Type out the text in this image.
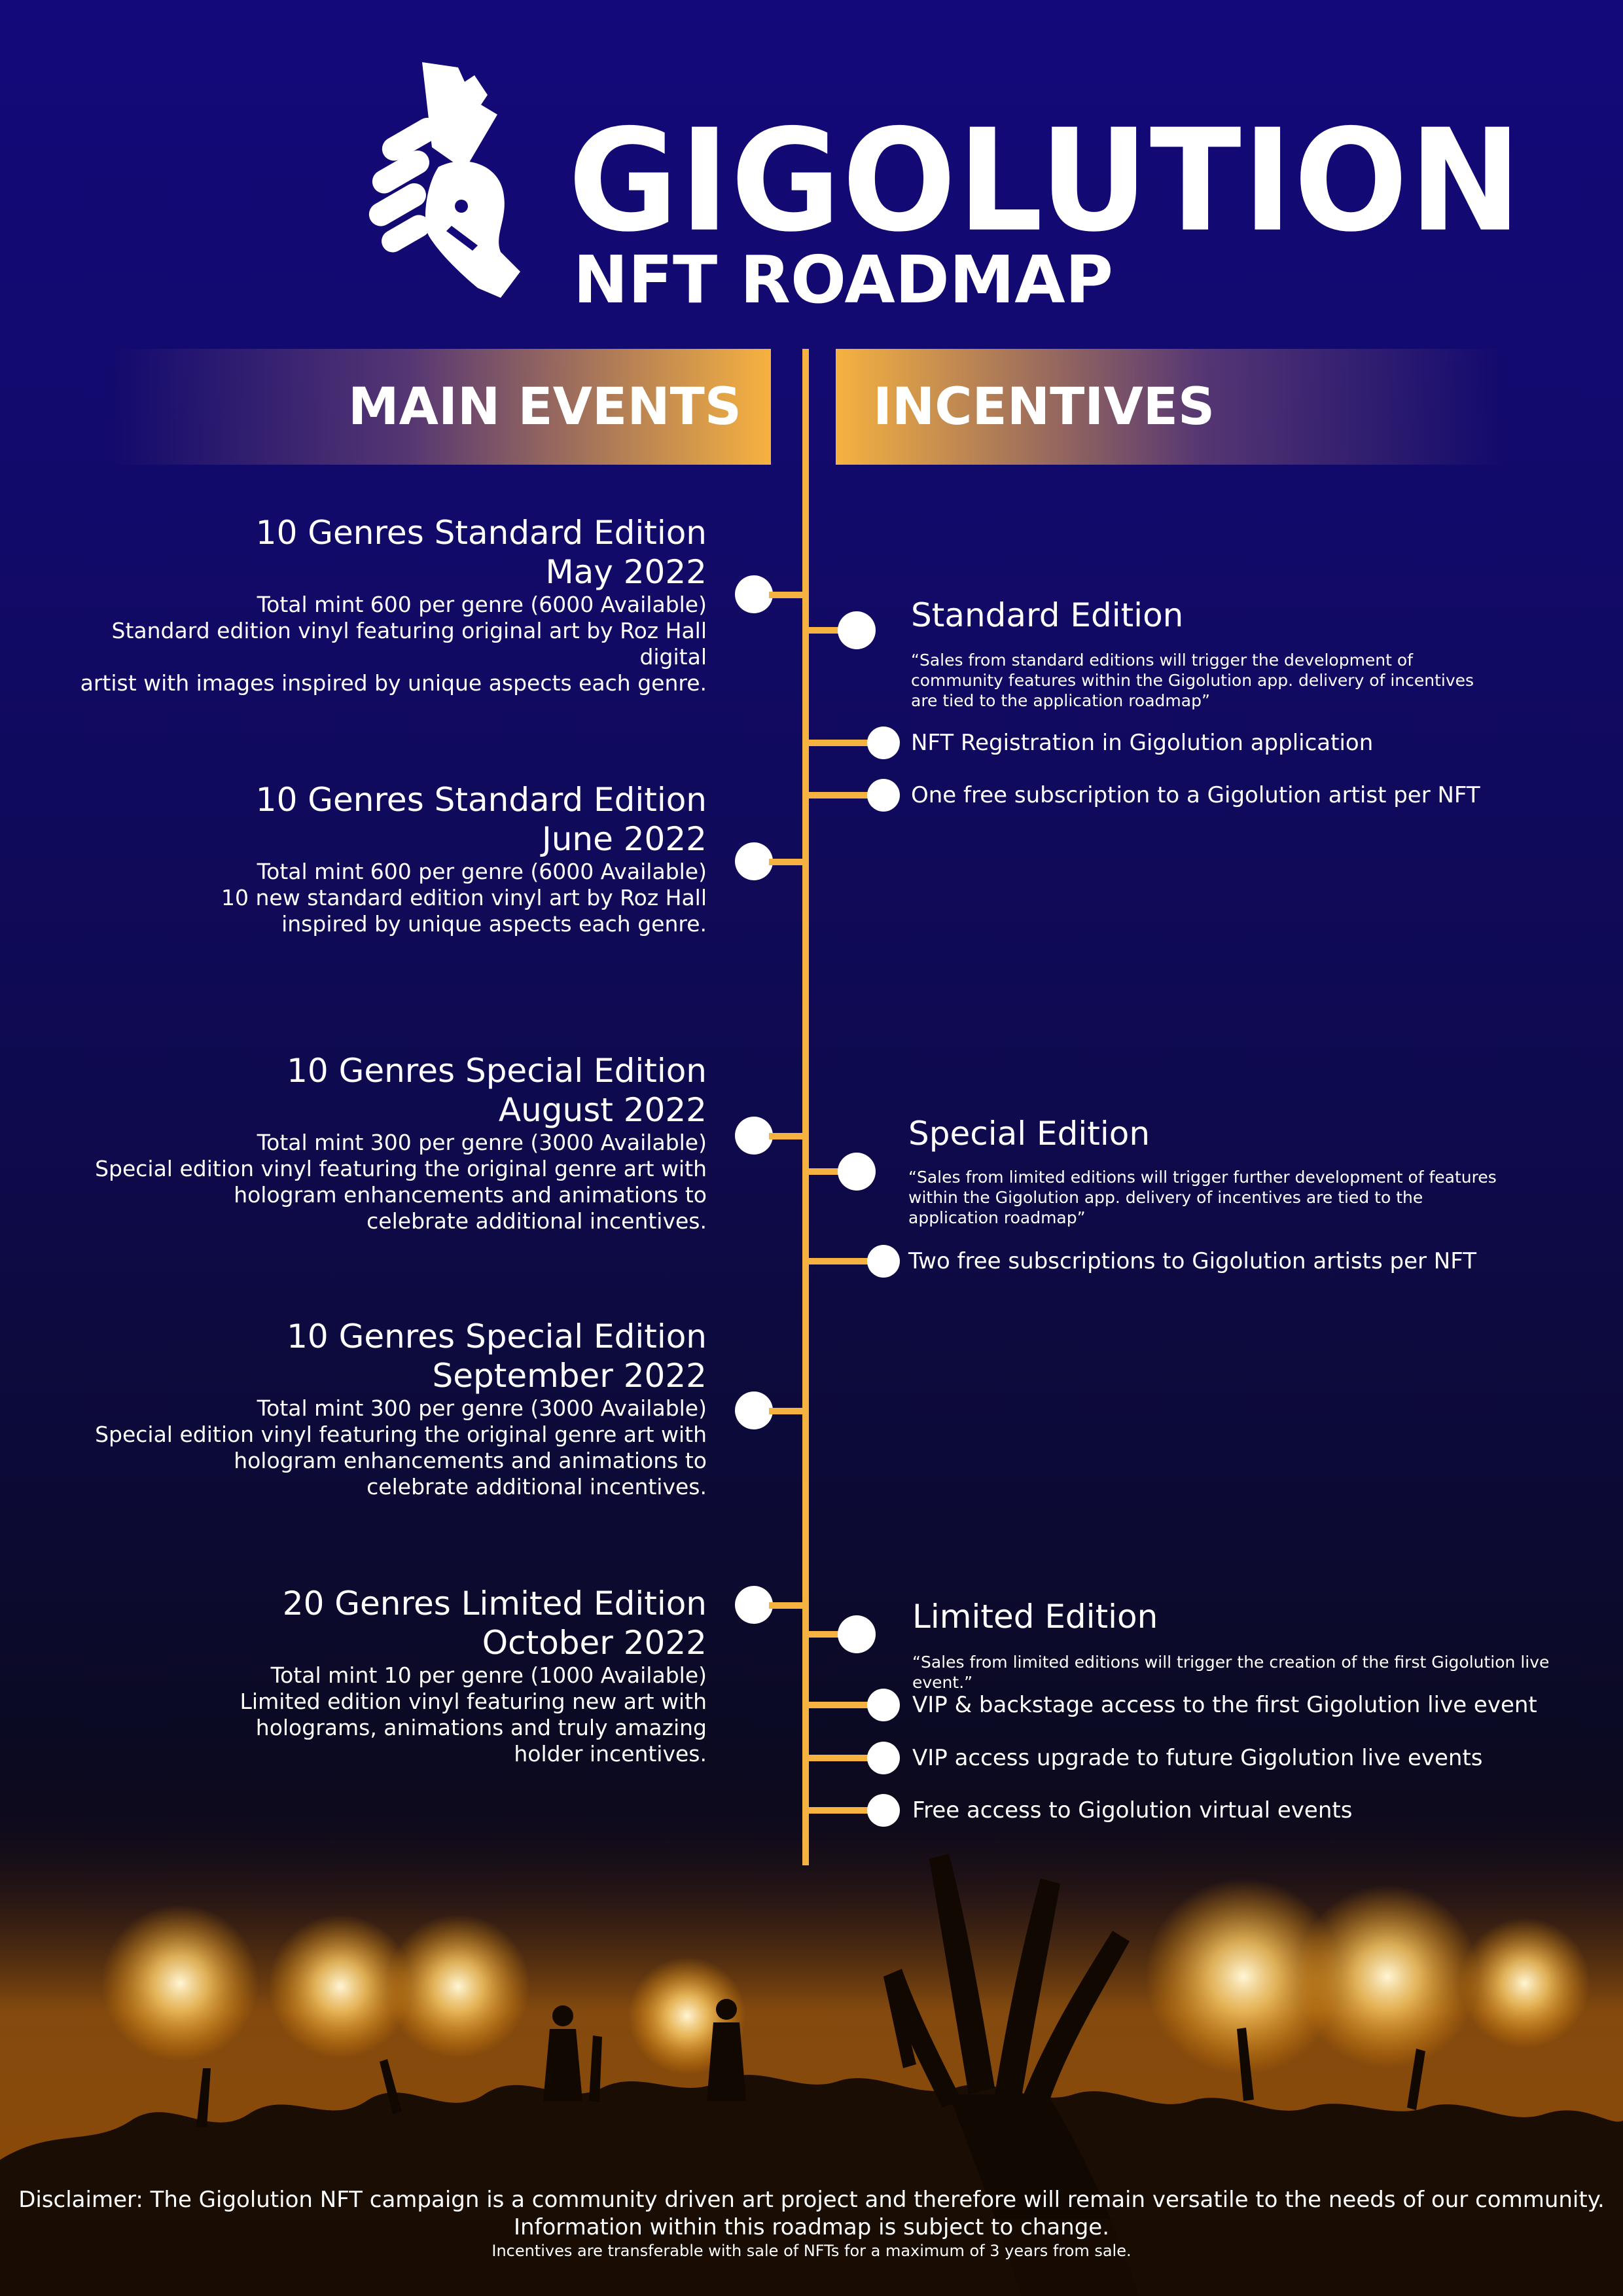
GIGOLUTION
NFT ROADMAP
MAIN EVENTS	INCENTIVES
10 Genres Standard Edition
May 2022
Total mint 600 per genre (6000 Available)
Standard edition vinyl featuring original art by Roz Hall digital
artist with images inspired by unique aspects each genre.
10 Genres Standard Edition
June 2022
Total mint 600 per genre (6000 Available)
10 new standard edition vinyl art by Roz Hall
inspired by unique aspects each genre.
10 Genres Special Edition
August 2022
Total mint 300 per genre (3000 Available)
Special edition vinyl featuring the original genre art with
hologram enhancements and animations to
celebrate additional incentives.
10 Genres Special Edition
September 2022
Total mint 300 per genre (3000 Available)
Special edition vinyl featuring the original genre art with
hologram enhancements and animations to
celebrate additional incentives.
20 Genres Limited Edition
October 2022
Total mint 10 per genre (1000 Available)
Limited edition vinyl featuring new art with
holograms, animations and truly amazing
holder incentives.
Standard Edition
“Sales from standard editions will trigger the development of community features within the Gigolution app. delivery of incentives are tied to the application roadmap”
NFT Registration in Gigolution application
One free subscription to a Gigolution artist per NFT
Special Edition
“Sales from limited editions will trigger further development of features within the Gigolution app. delivery of incentives are tied to the application roadmap”
Two free subscriptions to Gigolution artists per NFT
Limited Edition
“Sales from limited editions will trigger the creation of the first Gigolution live event.”
VIP & backstage access to the first Gigolution live event
VIP access upgrade to future Gigolution live events
Free access to Gigolution virtual events
Disclaimer: The Gigolution NFT campaign is a community driven art project and therefore will remain versatile to the needs of our community.
Information within this roadmap is subject to change.
Incentives are transferable with sale of NFTs for a maximum of 3 years from sale.
